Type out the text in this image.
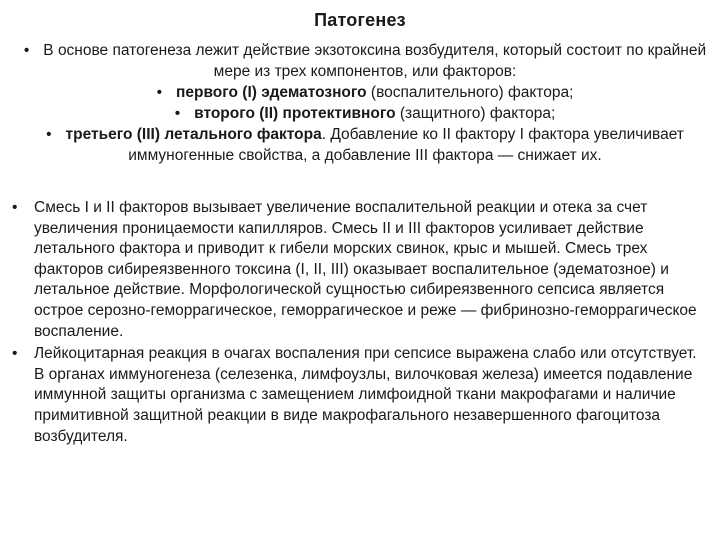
Патогенез

• В основе патогенеза лежит действие экзотоксина возбудителя, который состоит по крайней мере из трех компонентов, или факторов:

• первого (I) эдематозного (воспалительного) фактора;

• второго (II) протективного (защитного) фактора;

• третьего (III) летального фактора. Добавление ко II фактору I фактора увеличивает иммуногенные свойства, а добавление III фактора — снижает их.

• Смесь I и II факторов вызывает увеличение воспалительной реакции и отека за счет увеличения проницаемости капилляров. Смесь II и III факторов усиливает действие летального фактора и приводит к гибели морских свинок, крыс и мышей. Смесь трех факторов сибиреязвенного токсина (I, II, III) оказывает воспалительное (эдематозное) и летальное действие. Морфологической сущностью сибиреязвенного сепсиса является острое серозно-геморрагическое, геморрагическое и реже — фибринозно-геморрагическое воспаление.
• Лейкоцитарная реакция в очагах воспаления при сепсисе выражена слабо или отсутствует. В органах иммуногенеза (селезенка, лимфоузлы, вилочковая железа) имеется подавление иммунной защиты организма с замещением лимфоидной ткани макрофагами и наличие примитивной защитной реакции в виде макрофагального незавершенного фагоцитоза возбудителя.
